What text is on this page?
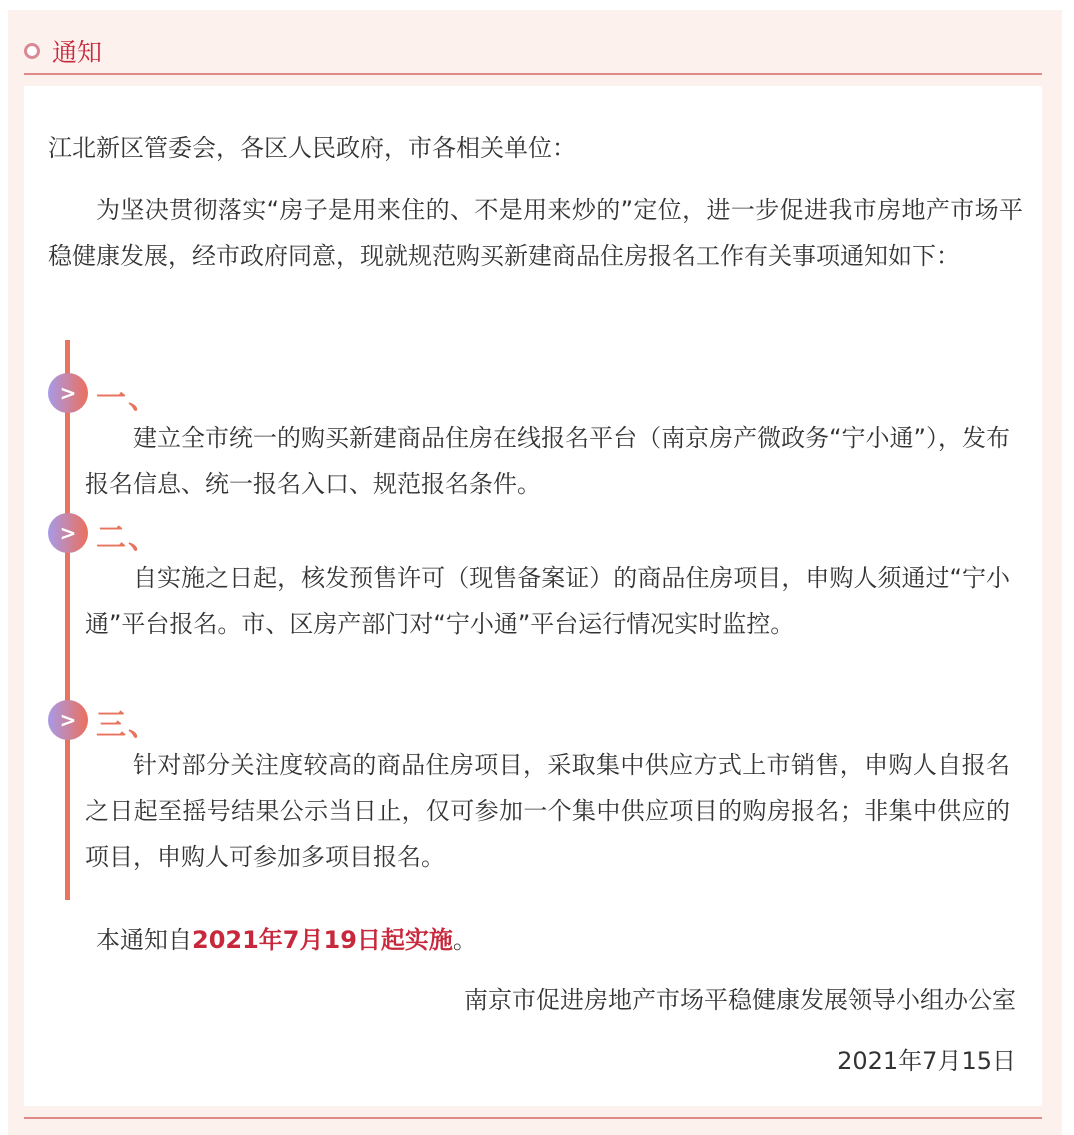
通知
江北新区管委会，各区人民政府，市各相关单位：
为坚决贯彻落实“房子是用来住的、不是用来炒的”定位，进一步促进我市房地产市场平稳健康发展，经市政府同意，现就规范购买新建商品住房报名工作有关事项通知如下：
> 一、
建立全市统一的购买新建商品住房在线报名平台（南京房产微政务“宁小通”），发布报名信息、统一报名入口、规范报名条件。
> 二、
自实施之日起，核发预售许可（现售备案证）的商品住房项目，申购人须通过“宁小通”平台报名。市、区房产部门对“宁小通”平台运行情况实时监控。
> 三、
针对部分关注度较高的商品住房项目，采取集中供应方式上市销售，申购人自报名之日起至摇号结果公示当日止，仅可参加一个集中供应项目的购房报名；非集中供应的项目，申购人可参加多项目报名。
本通知自2021年7月19日起实施。
南京市促进房地产市场平稳健康发展领导小组办公室
2021年7月15日
